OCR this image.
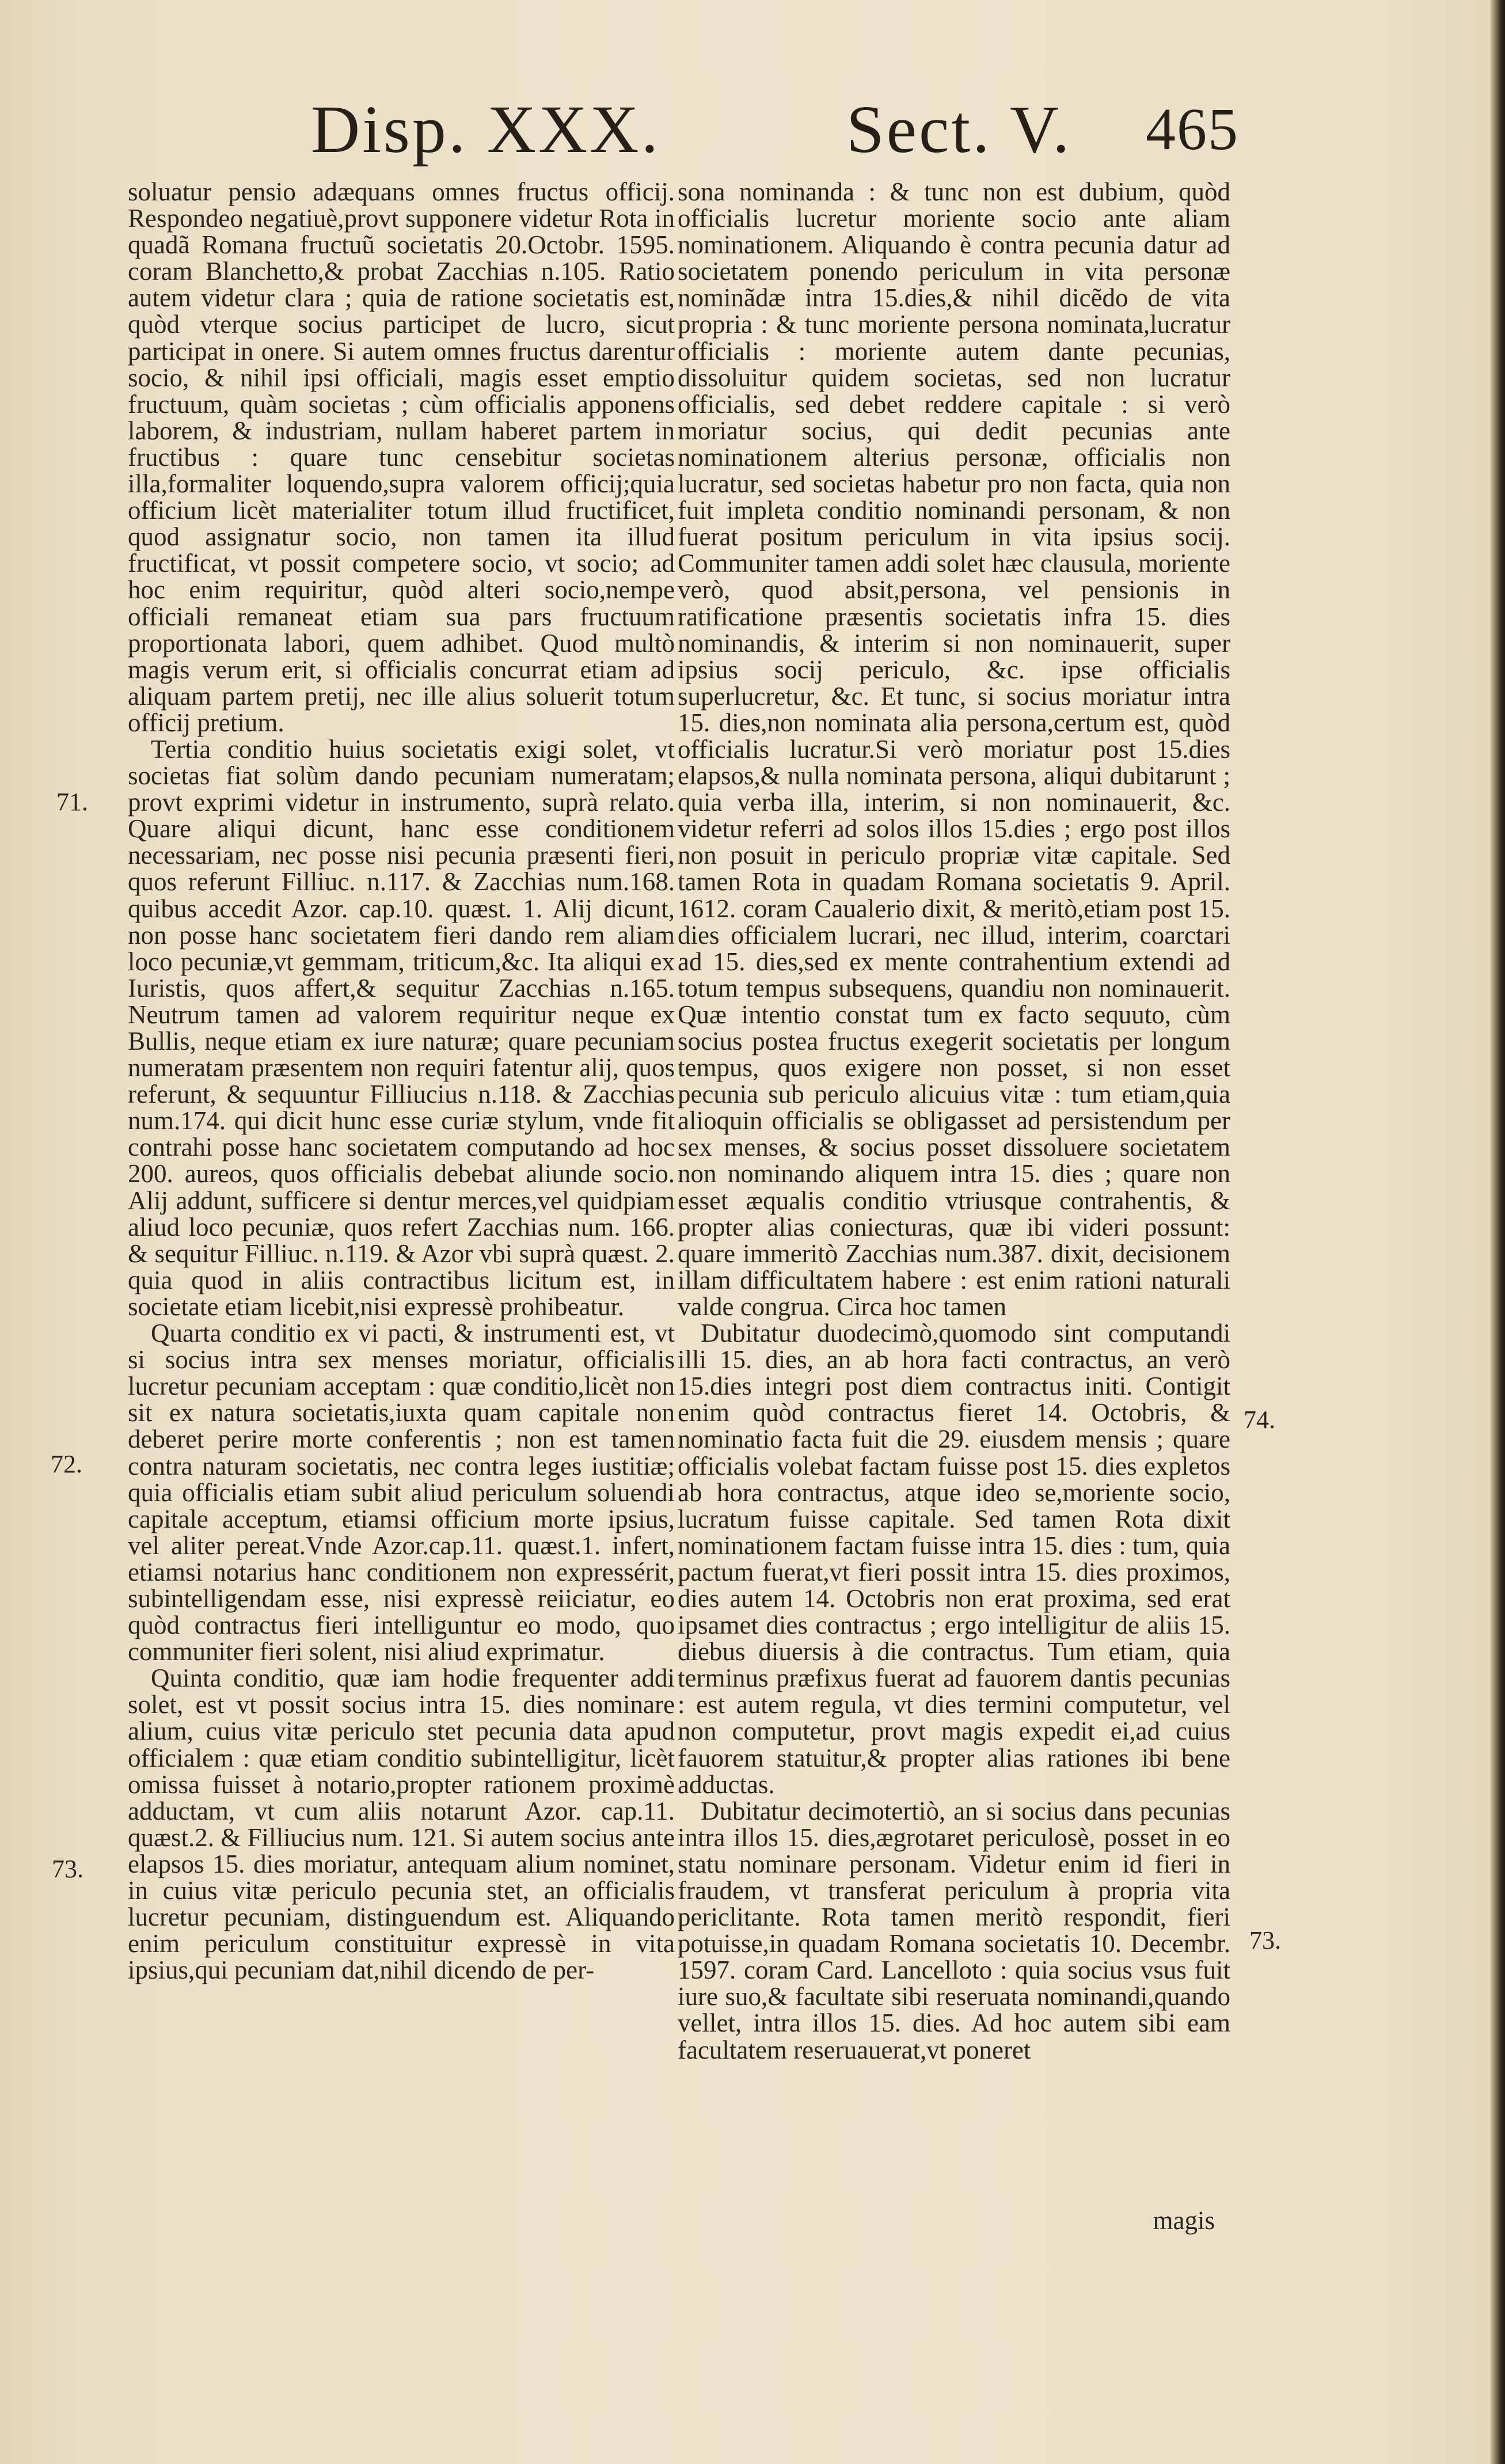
Disp. XXX.	Sect. V. 465
71.
72.
73.
74.
73.

soluatur pensio adæquans omnes fructus officij. Respondeo negatiuè,provt supponere videtur Rota in quadã Romana fructuũ societatis 20.Octobr. 1595. coram Blanchetto,& probat Zacchias n.105. Ratio autem videtur clara ; quia de ratione societatis est, quòd vterque socius participet de lucro, sicut participat in onere. Si autem omnes fructus darentur socio, & nihil ipsi officiali, magis esset emptio fructuum, quàm societas ; cùm officialis apponens laborem, & industriam, nullam haberet partem in fructibus : quare tunc censebitur societas illa,formaliter loquendo,supra valorem officij;quia officium licèt materialiter totum illud fructificet, quod assignatur socio, non tamen ita illud fructificat, vt possit competere socio, vt socio; ad hoc enim requiritur, quòd alteri socio,nempe officiali remaneat etiam sua pars fructuum proportionata labori, quem adhibet. Quod multò magis verum erit, si officialis concurrat etiam ad aliquam partem pretij, nec ille alius soluerit totum officij pretium.

Tertia conditio huius societatis exigi solet, vt societas fiat solùm dando pecuniam numeratam; provt exprimi videtur in instrumento, suprà relato. Quare aliqui dicunt, hanc esse conditionem necessariam, nec posse nisi pecunia præsenti fieri, quos referunt Filliuc. n.117. & Zacchias num.168. quibus accedit Azor. cap.10. quæst. 1. Alij dicunt, non posse hanc societatem fieri dando rem aliam loco pecuniæ,vt gemmam, triticum,&c. Ita aliqui ex Iuristis, quos affert,& sequitur Zacchias n.165. Neutrum tamen ad valorem requiritur neque ex Bullis, neque etiam ex iure naturæ; quare pecuniam numeratam præsentem non requiri fatentur alij, quos referunt, & sequuntur Filliucius n.118. & Zacchias num.174. qui dicit hunc esse curiæ stylum, vnde fit contrahi posse hanc societatem computando ad hoc 200. aureos, quos officialis debebat aliunde socio. Alij addunt, sufficere si dentur merces,vel quidpiam aliud loco pecuniæ, quos refert Zacchias num. 166. & sequitur Filliuc. n.119. & Azor vbi suprà quæst. 2. quia quod in aliis contractibus licitum est, in societate etiam licebit,nisi expressè prohibeatur.

Quarta conditio ex vi pacti, & instrumenti est, vt si socius intra sex menses moriatur, officialis lucretur pecuniam acceptam : quæ conditio,licèt non sit ex natura societatis,iuxta quam capitale non deberet perire morte conferentis ; non est tamen contra naturam societatis, nec contra leges iustitiæ; quia officialis etiam subit aliud periculum soluendi capitale acceptum, etiamsi officium morte ipsius, vel aliter pereat.Vnde Azor.cap.11. quæst.1. infert, etiamsi notarius hanc conditionem non expressérit, subintelligendam esse, nisi expressè reiiciatur, eo quòd contractus fieri intelliguntur eo modo, quo communiter fieri solent, nisi aliud exprimatur.

Quinta conditio, quæ iam hodie frequenter addi solet, est vt possit socius intra 15. dies nominare alium, cuius vitæ periculo stet pecunia data apud officialem : quæ etiam conditio subintelligitur, licèt omissa fuisset à notario,propter rationem proximè adductam, vt cum aliis notarunt Azor. cap.11. quæst.2. & Filliucius num. 121. Si autem socius ante elapsos 15. dies moriatur, antequam alium nominet, in cuius vitæ periculo pecunia stet, an officialis lucretur pecuniam, distinguendum est. Aliquando enim periculum constituitur expressè in vita ipsius,qui pecuniam dat,nihil dicendo de per-

sona nominanda : & tunc non est dubium, quòd officialis lucretur moriente socio ante aliam nominationem. Aliquando è contra pecunia datur ad societatem ponendo periculum in vita personæ nominãdæ intra 15.dies,& nihil dicẽdo de vita propria : & tunc moriente persona nominata,lucratur officialis : moriente autem dante pecunias, dissoluitur quidem societas, sed non lucratur officialis, sed debet reddere capitale : si verò moriatur socius, qui dedit pecunias ante nominationem alterius personæ, officialis non lucratur, sed societas habetur pro non facta, quia non fuit impleta conditio nominandi personam, & non fuerat positum periculum in vita ipsius socij. Communiter tamen addi solet hæc clausula, moriente verò, quod absit,persona, vel pensionis in ratificatione præsentis societatis infra 15. dies nominandis, & interim si non nominauerit, super ipsius socij periculo, &c. ipse officialis superlucretur, &c. Et tunc, si socius moriatur intra 15. dies,non nominata alia persona,certum est, quòd officialis lucratur.Si verò moriatur post 15.dies elapsos,& nulla nominata persona, aliqui dubitarunt ; quia verba illa, interim, si non nominauerit, &c. videtur referri ad solos illos 15.dies ; ergo post illos non posuit in periculo propriæ vitæ capitale. Sed tamen Rota in quadam Romana societatis 9. April. 1612. coram Caualerio dixit, & meritò,etiam post 15. dies officialem lucrari, nec illud, interim, coarctari ad 15. dies,sed ex mente contrahentium extendi ad totum tempus subsequens, quandiu non nominauerit. Quæ intentio constat tum ex facto sequuto, cùm socius postea fructus exegerit societatis per longum tempus, quos exigere non posset, si non esset pecunia sub periculo alicuius vitæ : tum etiam,quia alioquin officialis se obligasset ad persistendum per sex menses, & socius posset dissoluere societatem non nominando aliquem intra 15. dies ; quare non esset æqualis conditio vtriusque contrahentis, & propter alias coniecturas, quæ ibi videri possunt: quare immeritò Zacchias num.387. dixit, decisionem illam difficultatem habere : est enim rationi naturali valde congrua. Circa hoc tamen

Dubitatur duodecimò,quomodo sint computandi illi 15. dies, an ab hora facti contractus, an verò 15.dies integri post diem contractus initi. Contigit enim quòd contractus fieret 14. Octobris, & nominatio facta fuit die 29. eiusdem mensis ; quare officialis volebat factam fuisse post 15. dies expletos ab hora contractus, atque ideo se,moriente socio, lucratum fuisse capitale. Sed tamen Rota dixit nominationem factam fuisse intra 15. dies : tum, quia pactum fuerat,vt fieri possit intra 15. dies proximos, dies autem 14. Octobris non erat proxima, sed erat ipsamet dies contractus ; ergo intelligitur de aliis 15. diebus diuersis à die contractus. Tum etiam, quia terminus præfixus fuerat ad fauorem dantis pecunias : est autem regula, vt dies termini computetur, vel non computetur, provt magis expedit ei,ad cuius fauorem statuitur,& propter alias rationes ibi bene adductas.

Dubitatur decimotertiò, an si socius dans pecunias intra illos 15. dies,ægrotaret periculosè, posset in eo statu nominare personam. Videtur enim id fieri in fraudem, vt transferat periculum à propria vita periclitante. Rota tamen meritò respondit, fieri potuisse,in quadam Romana societatis 10. Decembr. 1597. coram Card. Lancelloto : quia socius vsus fuit iure suo,& facultate sibi reseruata nominandi,quando vellet, intra illos 15. dies. Ad hoc autem sibi eam facultatem reseruauerat,vt poneret

magis
